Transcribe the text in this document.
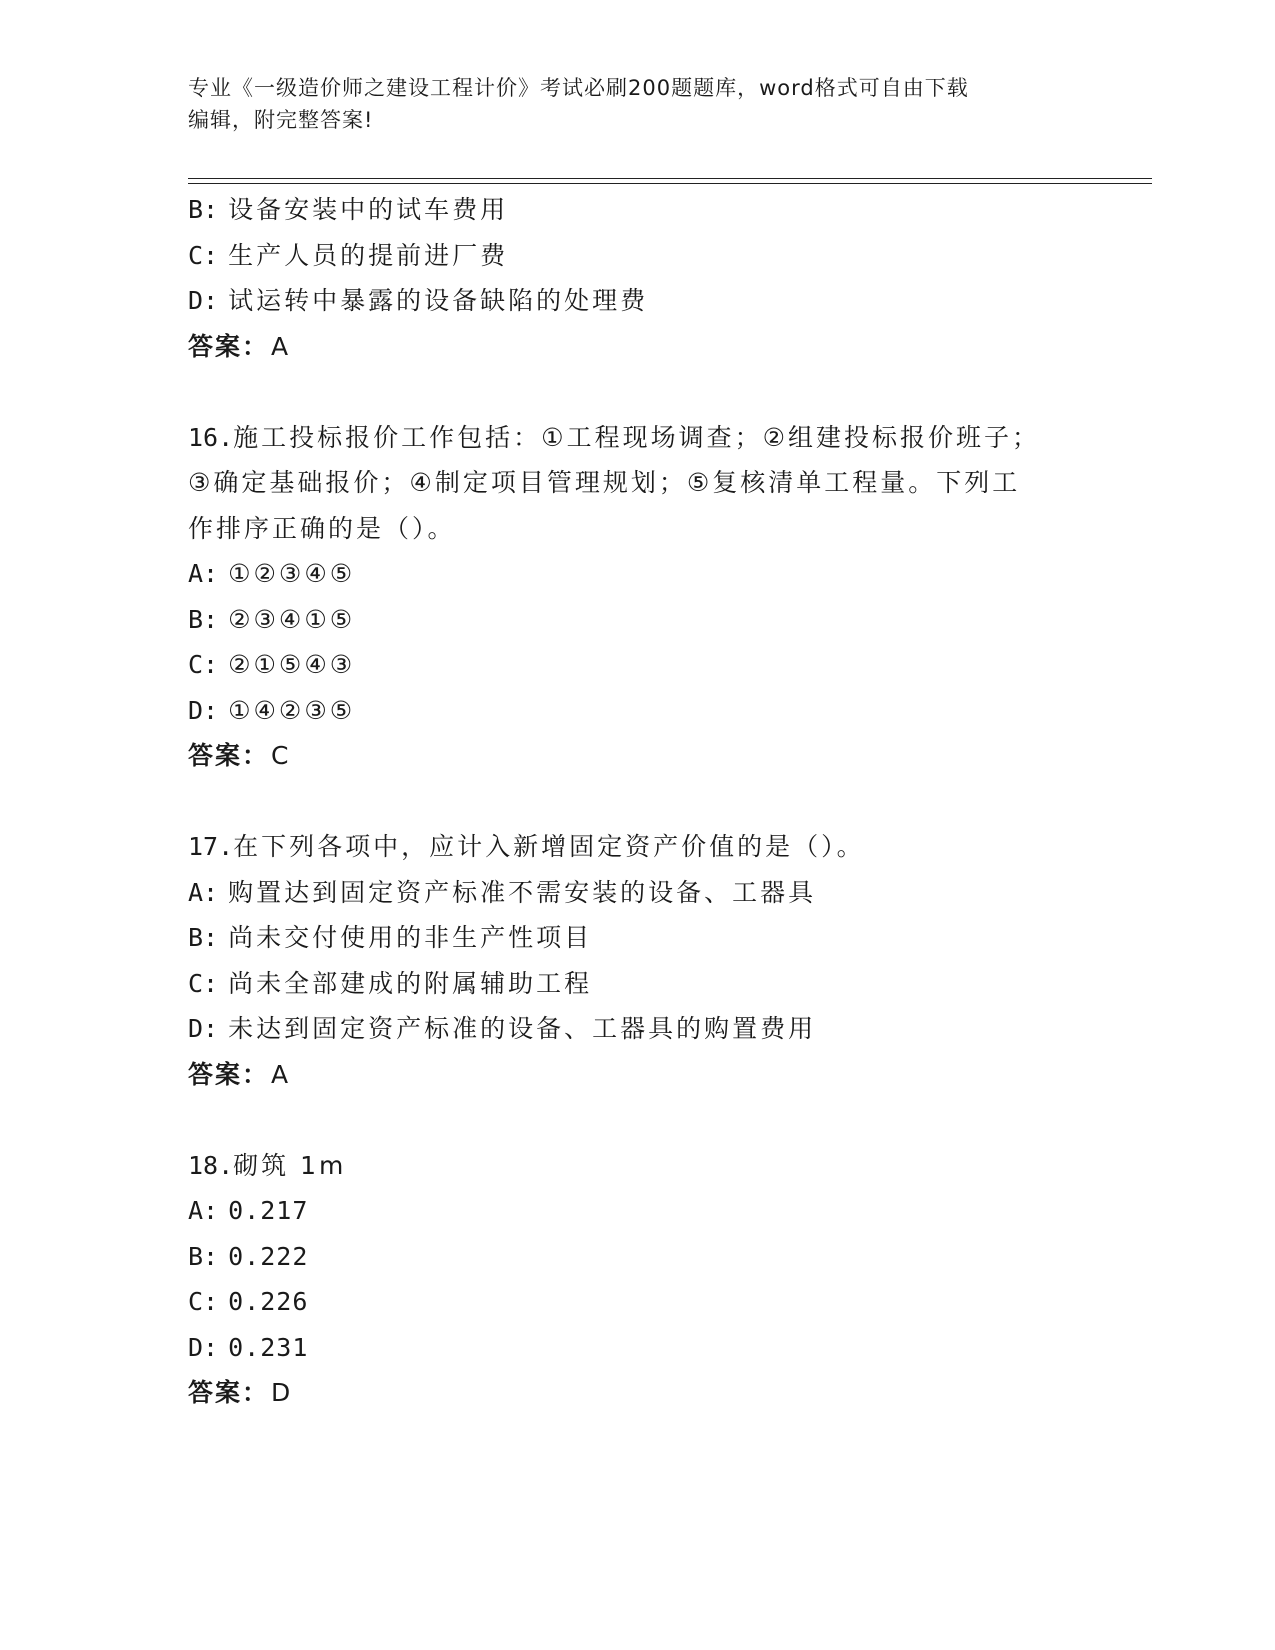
专业《一级造价师之建设工程计价》考试必刷200题题库，word格式可自由下载
编辑，附完整答案!
B: 设备安装中的试车费用
C: 生产人员的提前进厂费
D: 试运转中暴露的设备缺陷的处理费
答案：A
16.施工投标报价工作包括：①工程现场调查；②组建投标报价班子；
③确定基础报价；④制定项目管理规划；⑤复核清单工程量。下列工
作排序正确的是（）。
A: ①②③④⑤
B: ②③④①⑤
C: ②①⑤④③
D: ①④②③⑤
答案：C
17.在下列各项中，应计入新增固定资产价值的是（）。
A: 购置达到固定资产标准不需安装的设备、工器具
B: 尚未交付使用的非生产性项目
C: 尚未全部建成的附属辅助工程
D: 未达到固定资产标准的设备、工器具的购置费用
答案：A
18.砌筑 1m
A: 0.217
B: 0.222
C: 0.226
D: 0.231
答案：D
